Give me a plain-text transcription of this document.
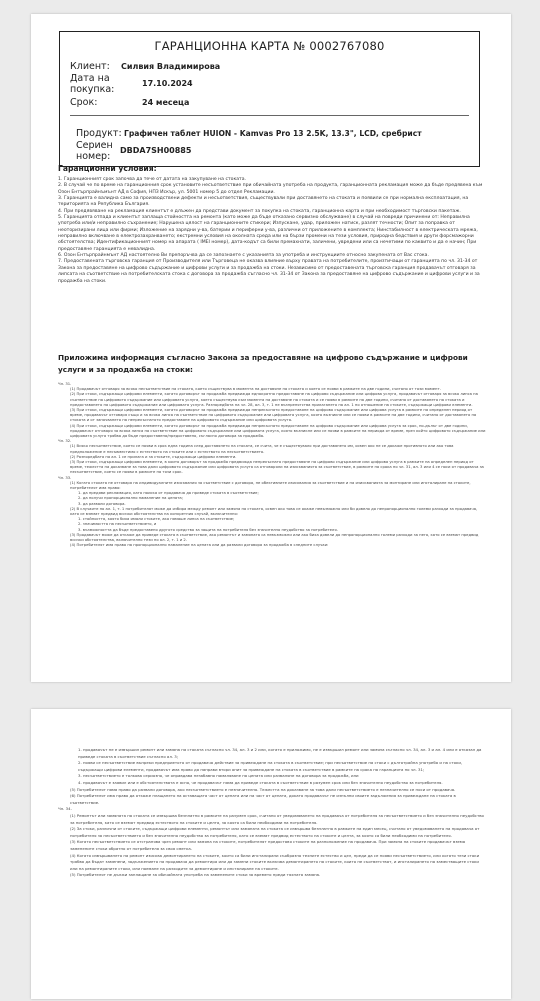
ГАРАНЦИОННА КАРТА № 0002767080
Клиент: Силвия Владимирова
Дата на
покупка:
17.10.2024
Срок:	24 месеца
Продукт: Графичен таблет HUION - Kamvas Pro 13 2.5K, 13.3", LCD, сребрист
Сериен
номер:
DBDA7SH00885
Гаранционни условия:

1. Гаранционният срок започва да тече от датата на закупуване на стоката.

2. В случай че по време на гаранционния срок установите несъответствие при обичайната употреба на продукта, гаранционната рекламация може да бъде предявена към Озон Ентърпрайнъмънт АД в София, НПЗ Искър, ул. 5001 номер 5 до отдел Рекламации.

3. Гаранцията е валидна само за производствени дефекти и несъответствия, съществували при доставянето на стоката и появили се при нормална експлоатация, на територията на Република България.

4. При предявяване на рекламация клиентът е длъжен да представи документ за покупка на стоката, гаранционна карта и при необходимост търговски пакетаж.

5. Гаранцията отпада и клиентът заплаща стойността на ремонта (като може да бъде отказано сервизно обслужване) в случай на повреди причинени от: Неправилна употреба или/и неправилно съхранение; Нарушена цялост на гаранционните стикери; Изпускане, удар, приложен натиск, разлят течности; Опит за поправка от неоторизирани лица или фирми; Изложение на зарядни у-ва, батерии и периферни у-ва, различни от приложените в комплекта; Нинстабилност в електрическата мрежа, неправилно включване в електрозахранването; екстремни условия на околната среда или на бързи промени на тези условия, природна бедствия и други форсмажорни обстоятелства; Идентификационният номер на апарата ( IMEI номер), дата-кодът са били премахнати, заличени, увредени или са нечетими по каквито и да е начин; При предоставяне гаранцията е невалидна.

6. Озон Ентърпрайнмънт АД настоятелно Ви препоръчва да се запознаете с указанията за употреба и инструкциите относно закупената от Вас стока.

7. Предоставената търговска гаранция от Производителя или Търговеца не оказва влияние върху правата на потребителите, произтичащи от гаранцията по чл. 31-34 от Закона за предоставяне на цифрово съдържание и цифрови услуги и за продажба на стоки. Независимо от предоставената търговска гаранция продавачът отговаря за липсата на съответствие на потребителската стока с договора за продажба съгласно чл. 31-34 от Закона за предоставяне на цифрово съдържание и цифрови услуги и за продажба на стоки.

Приложима информация съгласно Закона за предоставяне на цифрово съдържание и цифрови услуги и за продажба на стоки:

Чл. 31.

(1) Продавачът отговаря за всяко несъответствие на стоката, което съществува в момента на доставяне на стоката и което се появи в рамките на две години, считано от този момент.

(2) При стоки, съдържащи цифрови елементи, когато договорът за продажба предвижда еднократно предоставяне на цифрово съдържание или цифрова услуга, продавачът отговаря за всяко липса на съответствие на цифровото съдържание или цифровата услуга, което съществува към момента на доставяне на стоката и се появи в рамките на две години, считано от доставянето на стоката и предоставянето на цифровото съдържание или цифровата услуга. Разпоредбата на чл. 28, ал. 3, т. 1 не възпрепятства прилагането на ал. 1 по отношение на стоките, съдържащи цифрови елементи.

(3) При стоки, съдържащи цифрови елементи, когато договорът за продажба предвижда непрекъснато предоставяне на цифрово съдържание или цифрова услуга в рамките на определен период от време, продавачът отговаря също и за всяка липса на съответствие на цифровото съдържание или цифровата услуга, която възникне или се появи в рамките на две години, считано от доставянето на стоката и от започването на непрекъснатото предоставяне на цифровото съдържание или цифровата услуга.

(4) При стоки, съдържащи цифрови елементи, когато договорът за продажба предвижда непрекъснато предоставяне на цифрово съдържание или цифрова услуга за срок, по-дълъг от две години, продавачът отговаря за всяка липса на съответствие на цифровото съдържание или цифровата услуга, която възникне или се появи в рамките на периода от време, през който цифровото съдържание или цифровата услуга трябва да бъде предоставена/предоставено, съгласно договора за продажба.

Чл. 32.

(1) Всяко несъответствие, което се появи в срок една година след доставянето на стоката, се счита, че е съществувало при доставянето им, освен ако не се докаже противното или ако това предположение е несъвместимо с естеството на стоките или с естеството на несъответствието.

(2) Разпоредбата на ал. 1 се прилага и за стоките, съдържащи цифрови елементи.

(3) При стоки, съдържащи цифрови елементи, в които договорът за продажба предвижда непрекъснато предоставяне на цифрово съдържание или цифрова услуга в рамките на определен период от време, тежестта на доказване за това дали цифровото съдържание или цифровата услуга са отговаряли на изискванията за съответствие, в рамките на срока по чл. 31, ал. 3 или 4 се носи от продавача за несъответствие, което се появи в рамките на този срок.

Чл. 33.

(1) Когато стоката не отговаря на индивидуалните изисквания за съответствие с договора, не обективните изисквания за съответствие и на изискванията за монтиране или инсталиране на стоките, потребителят има право:

1. да предяви рекламация, като поиска от продавача да приведе стоката в съответствие;

2. да получи пропорционално намаление на цената;

3. да развали договора.

(2) В случаите по ал. 1, т. 1 потребителят може да избира между ремонт или замяна на стоката, освен ако това се окаже невъзможно или би довело до непропорционално големи разходи за продавача, като се вземат предвид всички обстоятелства на конкретния случай, включително:

1. стойността, която биха имали стоките, ако нямаше липса на съответствие;

2. значимостта на несъответствието, и

3. възможността да бъде предоставено другото средство за защита на потребителя без значително неудобство за потребителя.

(3) Продавачът може да откаже да приведе стоката в съответствие, ако ремонтът и замяната са невъзможни или ако биха довели до непропорционално големи разходи за него, като се вземат предвид всички обстоятелства, включително тези по ал. 2, т. 1 и 2.

(4) Потребителят има право на пропорционално намаление на цената или да развали договора за продажба в следните случаи:

1. продавачът не е извършил ремонт или замяна на стоката съгласно чл. 34, ал. 3 и 2 или, когато е приложимо, не е извършил ремонт или замяна съгласно чл. 34, ал. 3 и ал. 4 или е отказал да приведе стоката в съответствие съгласно ал. 3;

2. появи се несъответствие въпреки предприетото от продавача действие за привеждане на стоката в съответствие; при несъответствие на стоки с дълготрайна употреба и на стоки, съдържащи цифрови елементи, продавачът има право да направи втори опит за привеждане на стоката в съответствие в рамките на срока на гаранцията по чл. 31;

3. несъответствието е толкова сериозно, че оправдава незабавно намаляване на цената или разваляне на договора за продажба, или

4. продавачът е заявил или е обстоятелствата е ясно, че продавачът няма да приведе стоката в съответствие в разумен срок или без значително неудобство за потребителя.

(5) Потребителят няма право да развали договора, ако несъответствието е незначително. Тежестта на доказване за това дали несъответствието е незначително се носи от продавача.

(6) Потребителят има право да откаже плащането на оставащата част от цената или на част от цената, докато продавачът не изпълни своите задължения за привеждане на стоката в съответствие.

Чл. 34.

(1) Ремонтът или замяната на стоката се извършва безплатно в рамките на разумен срок, считано от уведомяването на продавача от потребителя за несъответствието и без значително неудобство за потребителя, като се вземат предвид естеството на стоките и целта, за която са били необходими на потребителя.

(2) За стоки, различни от стоките, съдържащи цифрови елементи, ремонтът или замяната на стоката се извършва безплатно в рамките на един месец, считано от уведомяването на продавача от потребителя за несъответствието и без значително неудобство за потребителя, като се вземат предвид естеството на стоките и целта, за която са били необходими на потребителя.

(3) Когато несъответствието се отстранява чрез ремонт или замяна на стоките, потребителят предоставя стоките на разположение на продавача. При замяна на стоките продавачът взема заменените стоки обратно от потребителя за своя сметка.

(4) Когато извършването на ремонт изисква демонтирането на стоките, които са били инсталирани съобразно техните естество и цел, преди да се появи несъответствието, или когато тези стоки трябва да бъдат заменени, задължението на продавача да ремонтира или да замени стоките включва демонтирането на стоките, които не съответстват, и инсталирането на заместващите стоки или на ремонтираните стоки, или поемане на разходите за демонтиране и инсталиране на стоките.

(5) Потребителят не дължи заплащане за обичайната употреба на заменените стоки за времето преди тяхната замяна.
